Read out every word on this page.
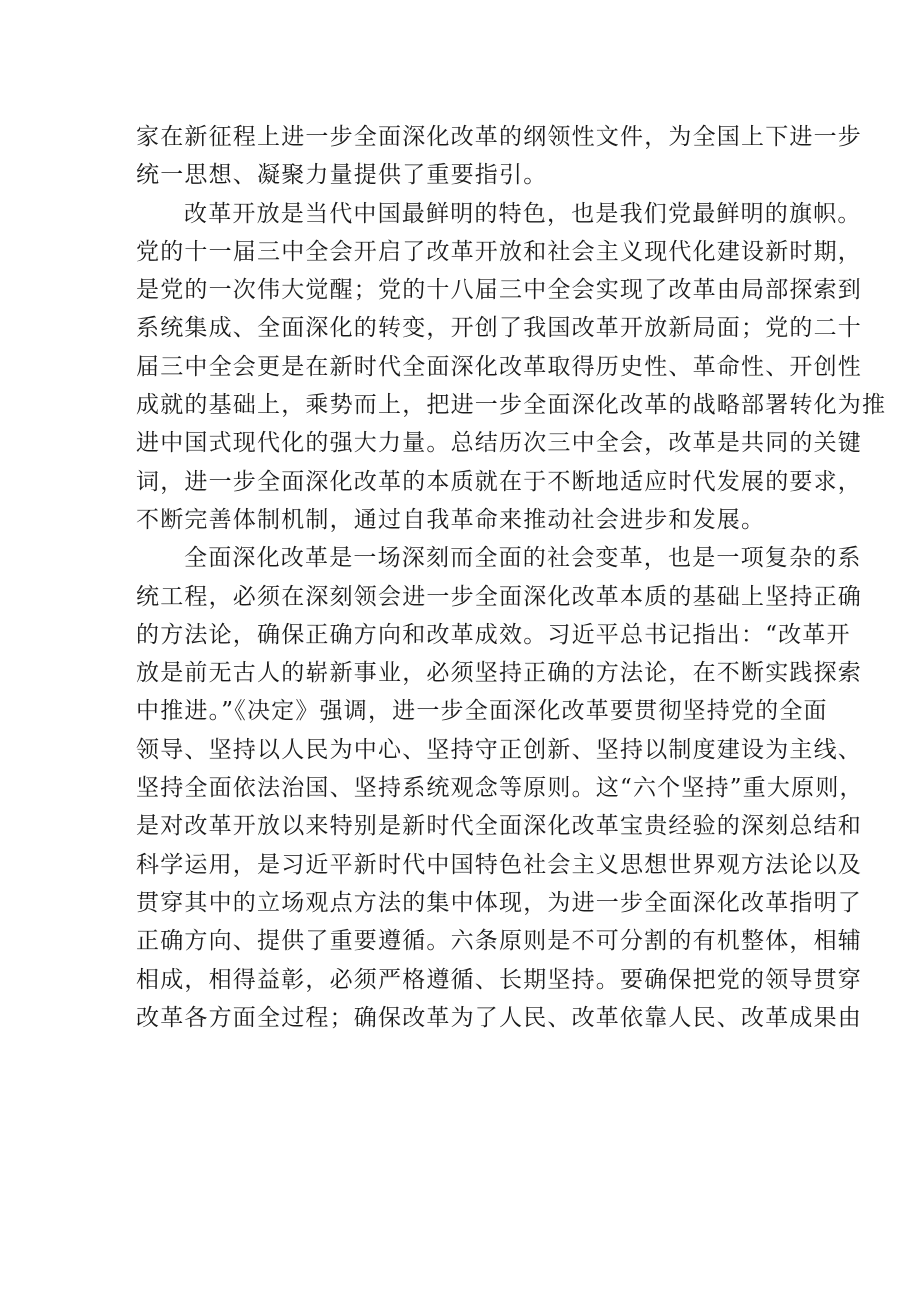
家在新征程上进一步全面深化改革的纲领性文件，为全国上下进一步
统一思想、凝聚力量提供了重要指引。
改革开放是当代中国最鲜明的特色，也是我们党最鲜明的旗帜。
党的十一届三中全会开启了改革开放和社会主义现代化建设新时期，
是党的一次伟大觉醒；党的十八届三中全会实现了改革由局部探索到
系统集成、全面深化的转变，开创了我国改革开放新局面；党的二十
届三中全会更是在新时代全面深化改革取得历史性、革命性、开创性
成就的基础上，乘势而上，把进一步全面深化改革的战略部署转化为推
进中国式现代化的强大力量。总结历次三中全会，改革是共同的关键
词，进一步全面深化改革的本质就在于不断地适应时代发展的要求，
不断完善体制机制，通过自我革命来推动社会进步和发展。
全面深化改革是一场深刻而全面的社会变革，也是一项复杂的系
统工程，必须在深刻领会进一步全面深化改革本质的基础上坚持正确
的方法论，确保正确方向和改革成效。习近平总书记指出：“改革开
放是前无古人的崭新事业，必须坚持正确的方法论，在不断实践探索
中推进。”《决定》强调，进一步全面深化改革要贯彻坚持党的全面
领导、坚持以人民为中心、坚持守正创新、坚持以制度建设为主线、
坚持全面依法治国、坚持系统观念等原则。这“六个坚持”重大原则，
是对改革开放以来特别是新时代全面深化改革宝贵经验的深刻总结和
科学运用，是习近平新时代中国特色社会主义思想世界观方法论以及
贯穿其中的立场观点方法的集中体现，为进一步全面深化改革指明了
正确方向、提供了重要遵循。六条原则是不可分割的有机整体，相辅
相成，相得益彰，必须严格遵循、长期坚持。要确保把党的领导贯穿
改革各方面全过程；确保改革为了人民、改革依靠人民、改革成果由
